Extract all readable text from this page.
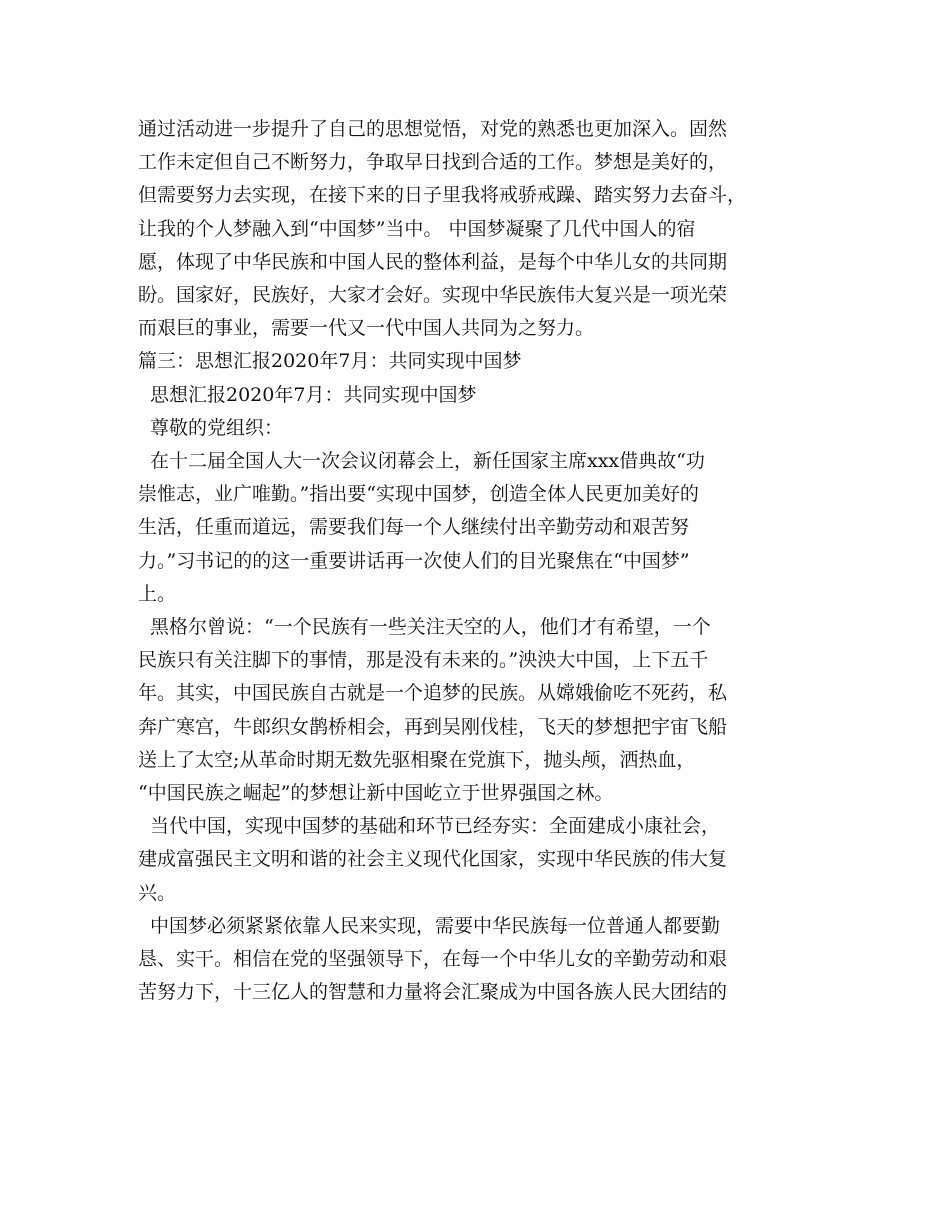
通过活动进一步提升了自己的思想觉悟，对党的熟悉也更加深入。固然
工作未定但自己不断努力，争取早日找到合适的工作。梦想是美好的，
但需要努力去实现，在接下来的日子里我将戒骄戒躁、踏实努力去奋斗，
让我的个人梦融入到“中国梦”当中。 中国梦凝聚了几代中国人的宿
愿，体现了中华民族和中国人民的整体利益，是每个中华儿女的共同期
盼。国家好，民族好，大家才会好。实现中华民族伟大复兴是一项光荣
而艰巨的事业，需要一代又一代中国人共同为之努力。
篇三：思想汇报2020年7月：共同实现中国梦
思想汇报2020年7月：共同实现中国梦
尊敬的党组织：
在十二届全国人大一次会议闭幕会上，新任国家主席xxx借典故“功
崇惟志，业广唯勤。”指出要“实现中国梦，创造全体人民更加美好的
生活，任重而道远，需要我们每一个人继续付出辛勤劳动和艰苦努
力。”习书记的的这一重要讲话再一次使人们的目光聚焦在“中国梦”
上。
黑格尔曾说：“一个民族有一些关注天空的人，他们才有希望，一个
民族只有关注脚下的事情，那是没有未来的。”泱泱大中国，上下五千
年。其实，中国民族自古就是一个追梦的民族。从嫦娥偷吃不死药，私
奔广寒宫，牛郎织女鹊桥相会，再到吴刚伐桂，飞天的梦想把宇宙飞船
送上了太空;从革命时期无数先驱相聚在党旗下，抛头颅，洒热血，
“中国民族之崛起”的梦想让新中国屹立于世界强国之林。
当代中国，实现中国梦的基础和环节已经夯实：全面建成小康社会，
建成富强民主文明和谐的社会主义现代化国家，实现中华民族的伟大复
兴。
中国梦必须紧紧依靠人民来实现，需要中华民族每一位普通人都要勤
恳、实干。相信在党的坚强领导下，在每一个中华儿女的辛勤劳动和艰
苦努力下，十三亿人的智慧和力量将会汇聚成为中国各族人民大团结的
